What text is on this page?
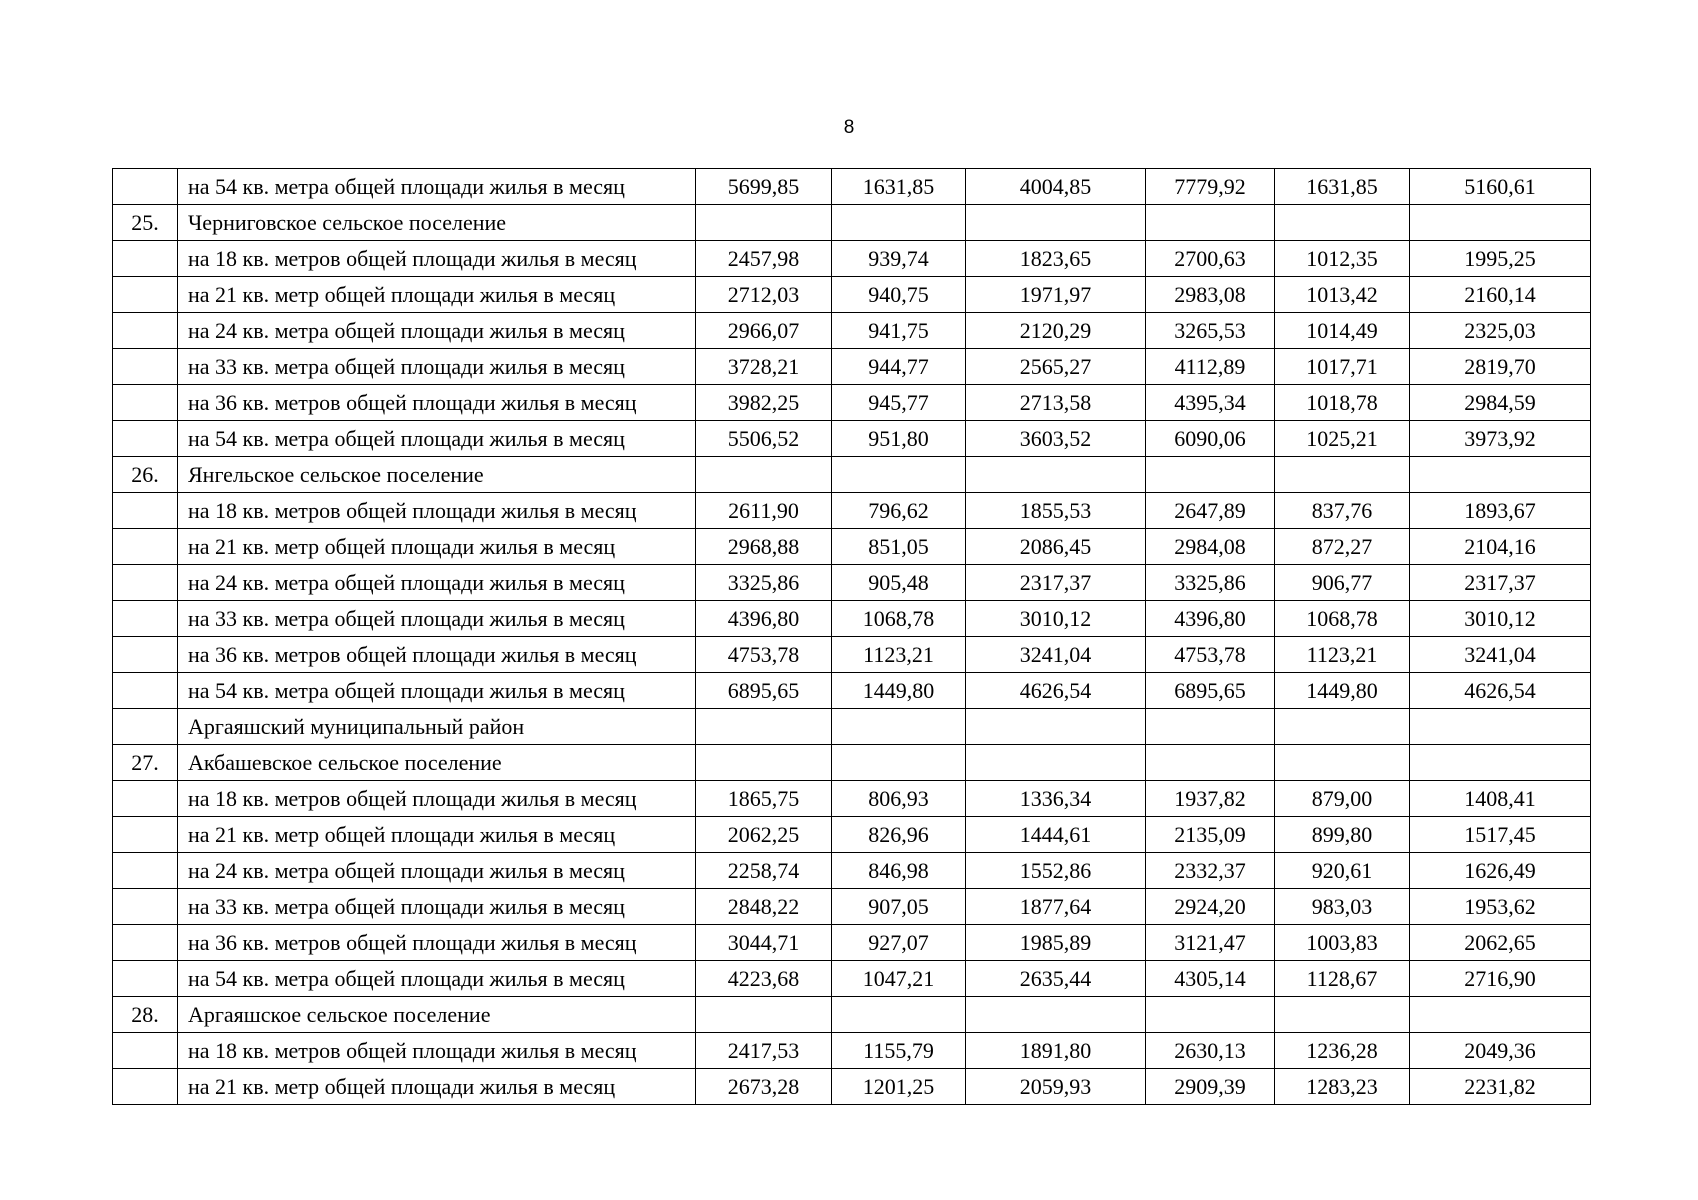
8
	на 54 кв. метра общей площади жилья в месяц	5699,85	1631,85	4004,85	7779,92	1631,85	5160,61
25.	Черниговское сельское поселение						
	на 18 кв. метров общей площади жилья в месяц	2457,98	939,74	1823,65	2700,63	1012,35	1995,25
	на 21 кв. метр общей площади жилья в месяц	2712,03	940,75	1971,97	2983,08	1013,42	2160,14
	на 24 кв. метра общей площади жилья в месяц	2966,07	941,75	2120,29	3265,53	1014,49	2325,03
	на 33 кв. метра общей площади жилья в месяц	3728,21	944,77	2565,27	4112,89	1017,71	2819,70
	на 36 кв. метров общей площади жилья в месяц	3982,25	945,77	2713,58	4395,34	1018,78	2984,59
	на 54 кв. метра общей площади жилья в месяц	5506,52	951,80	3603,52	6090,06	1025,21	3973,92
26.	Янгельское сельское поселение						
	на 18 кв. метров общей площади жилья в месяц	2611,90	796,62	1855,53	2647,89	837,76	1893,67
	на 21 кв. метр общей площади жилья в месяц	2968,88	851,05	2086,45	2984,08	872,27	2104,16
	на 24 кв. метра общей площади жилья в месяц	3325,86	905,48	2317,37	3325,86	906,77	2317,37
	на 33 кв. метра общей площади жилья в месяц	4396,80	1068,78	3010,12	4396,80	1068,78	3010,12
	на 36 кв. метров общей площади жилья в месяц	4753,78	1123,21	3241,04	4753,78	1123,21	3241,04
	на 54 кв. метра общей площади жилья в месяц	6895,65	1449,80	4626,54	6895,65	1449,80	4626,54
	Аргаяшский муниципальный район						
27.	Акбашевское сельское поселение						
	на 18 кв. метров общей площади жилья в месяц	1865,75	806,93	1336,34	1937,82	879,00	1408,41
	на 21 кв. метр общей площади жилья в месяц	2062,25	826,96	1444,61	2135,09	899,80	1517,45
	на 24 кв. метра общей площади жилья в месяц	2258,74	846,98	1552,86	2332,37	920,61	1626,49
	на 33 кв. метра общей площади жилья в месяц	2848,22	907,05	1877,64	2924,20	983,03	1953,62
	на 36 кв. метров общей площади жилья в месяц	3044,71	927,07	1985,89	3121,47	1003,83	2062,65
	на 54 кв. метра общей площади жилья в месяц	4223,68	1047,21	2635,44	4305,14	1128,67	2716,90
28.	Аргаяшское сельское поселение						
	на 18 кв. метров общей площади жилья в месяц	2417,53	1155,79	1891,80	2630,13	1236,28	2049,36
	на 21 кв. метр общей площади жилья в месяц	2673,28	1201,25	2059,93	2909,39	1283,23	2231,82
